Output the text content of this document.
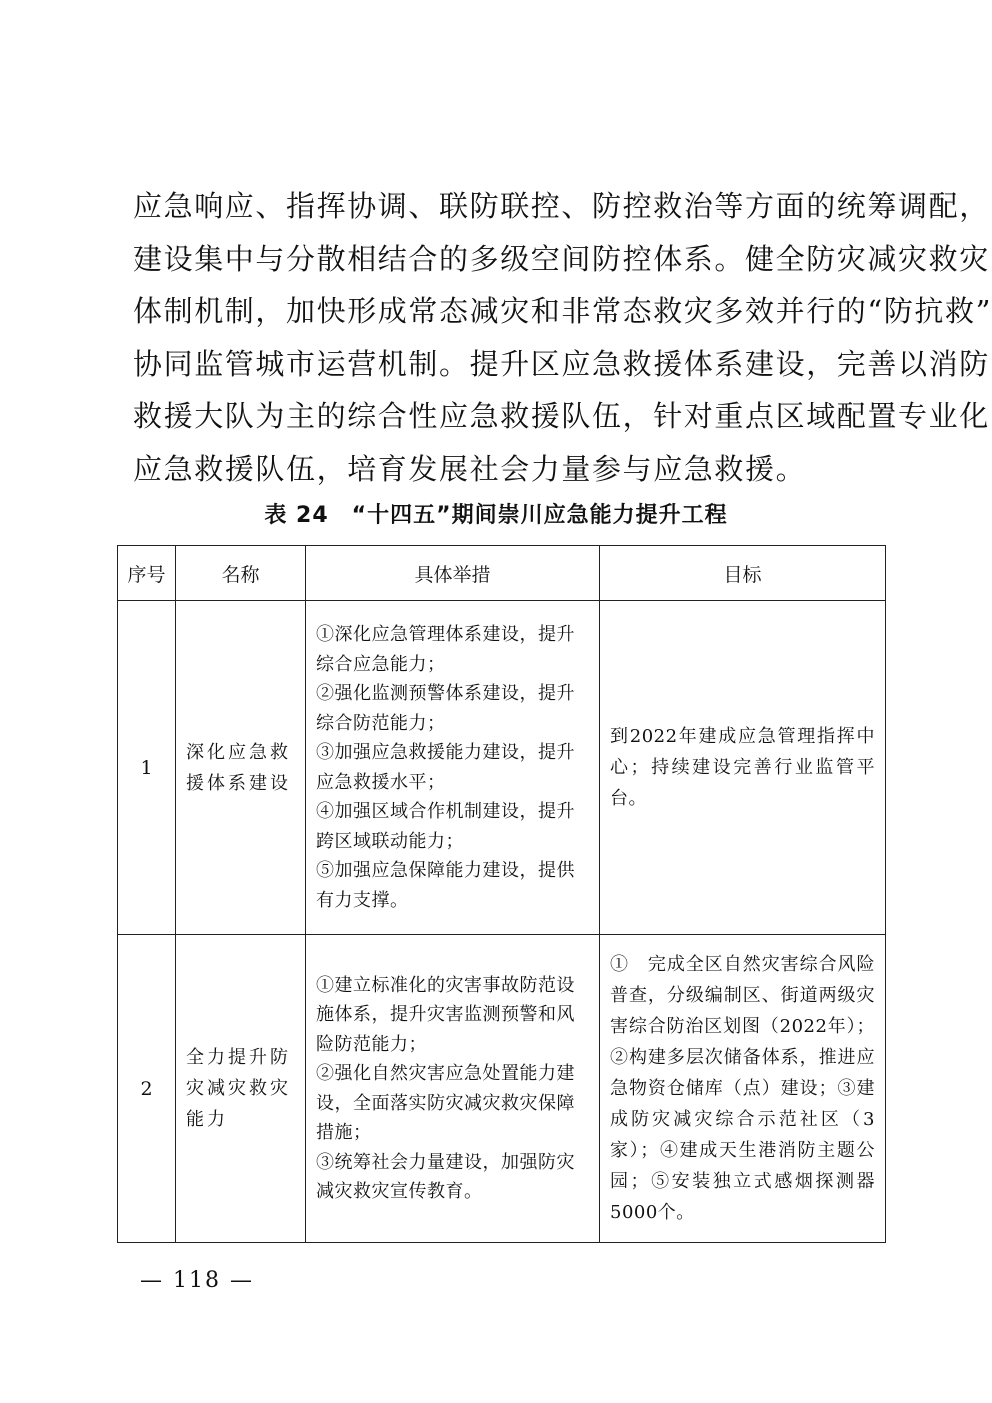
应急响应、指挥协调、联防联控、防控救治等方面的统筹调配，
建设集中与分散相结合的多级空间防控体系。健全防灾减灾救灾
体制机制，加快形成常态减灾和非常态救灾多效并行的“防抗救”
协同监管城市运营机制。提升区应急救援体系建设，完善以消防
救援大队为主的综合性应急救援队伍，针对重点区域配置专业化
应急救援队伍，培育发展社会力量参与应急救援。
表 24　“十四五”期间崇川应急能力提升工程
序号	名称	具体举措	目标
1	深化应急救援体系建设	①深化应急管理体系建设，提升综合应急能力；
②强化监测预警体系建设，提升综合防范能力；
③加强应急救援能力建设，提升应急救援水平；
④加强区域合作机制建设，提升跨区域联动能力；
⑤加强应急保障能力建设，提供有力支撑。	到2022年建成应急管理指挥中心；持续建设完善行业监管平台。
2	全力提升防灾减灾救灾能力	①建立标准化的灾害事故防范设施体系，提升灾害监测预警和风险防范能力；
②强化自然灾害应急处置能力建设，全面落实防灾减灾救灾保障措施；
③统筹社会力量建设，加强防灾减灾救灾宣传教育。	①　完成全区自然灾害综合风险普查，分级编制区、街道两级灾害综合防治区划图（2022年）；②构建多层次储备体系，推进应急物资仓储库（点）建设；③建成防灾减灾综合示范社区（3家）；④建成天生港消防主题公园；⑤安装独立式感烟探测器5000个。
— 118 —
